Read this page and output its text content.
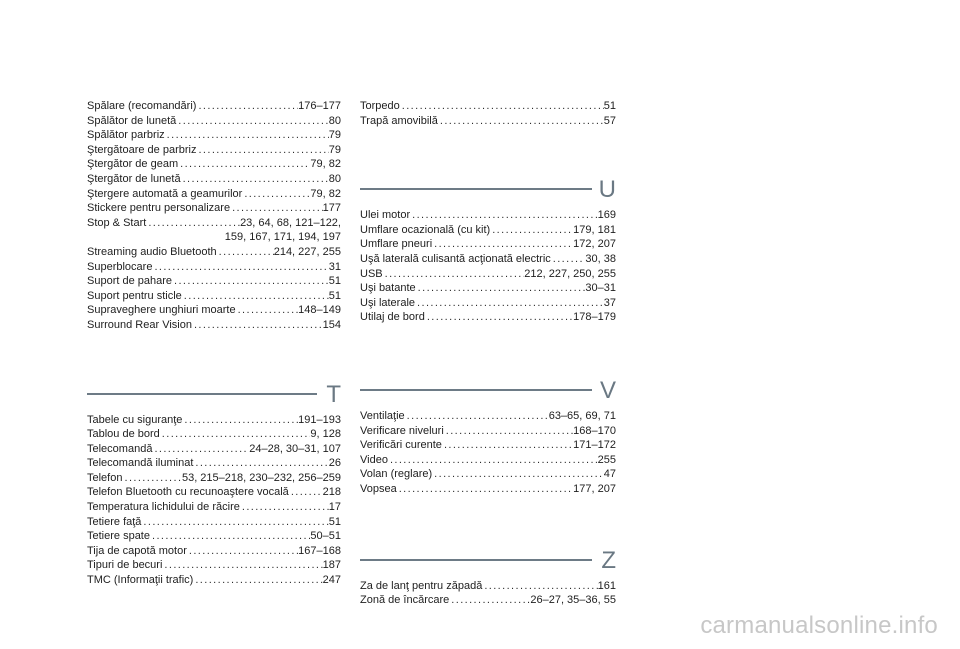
Spălare (recomandări) .....	176–177
Spălător de lunetă .....	80
Spălător parbriz .....	79
Ştergătoare de parbriz .....	79
Ştergător de geam .....	79, 82
Ştergător de lunetă .....	80
Ştergere automată a geamurilor .....	79, 82
Stickere pentru personalizare .....	177
Stop & Start .....	23, 64, 68, 121–122,
159, 167, 171, 194, 197
Streaming audio Bluetooth .....	214, 227, 255
Superblocare .....	31
Suport de pahare .....	51
Suport pentru sticle .....	51
Supraveghere unghiuri moarte .....	148–149
Surround Rear Vision .....	154
T
Tabele cu siguranţe .....	191–193
Tablou de bord .....	9, 128
Telecomandă .....	24–28, 30–31, 107
Telecomandă iluminat .....	26
Telefon .....	53, 215–218, 230–232, 256–259
Telefon Bluetooth cu recunoaştere vocală .....	218
Temperatura lichidului de răcire .....	17
Tetiere faţă .....	51
Tetiere spate .....	50–51
Tija de capotă motor .....	167–168
Tipuri de becuri .....	187
TMC (Informaţii trafic) .....	247
Torpedo .....	51
Trapă amovibilă .....	57
U
Ulei motor .....	169
Umflare ocazională (cu kit) .....	179, 181
Umflare pneuri .....	172, 207
Uşă laterală culisantă acţionată electric .....	30, 38
USB .....	212, 227, 250, 255
Uşi batante .....	30–31
Uşi laterale .....	37
Utilaj de bord .....	178–179
V
Ventilaţie .....	63–65, 69, 71
Verificare niveluri .....	168–170
Verificări curente .....	171–172
Video .....	255
Volan (reglare) .....	47
Vopsea .....	177, 207
Z
Za de lanţ pentru zăpadă .....	161
Zonă de încărcare .....	26–27, 35–36, 55
carmanualsonline.info
